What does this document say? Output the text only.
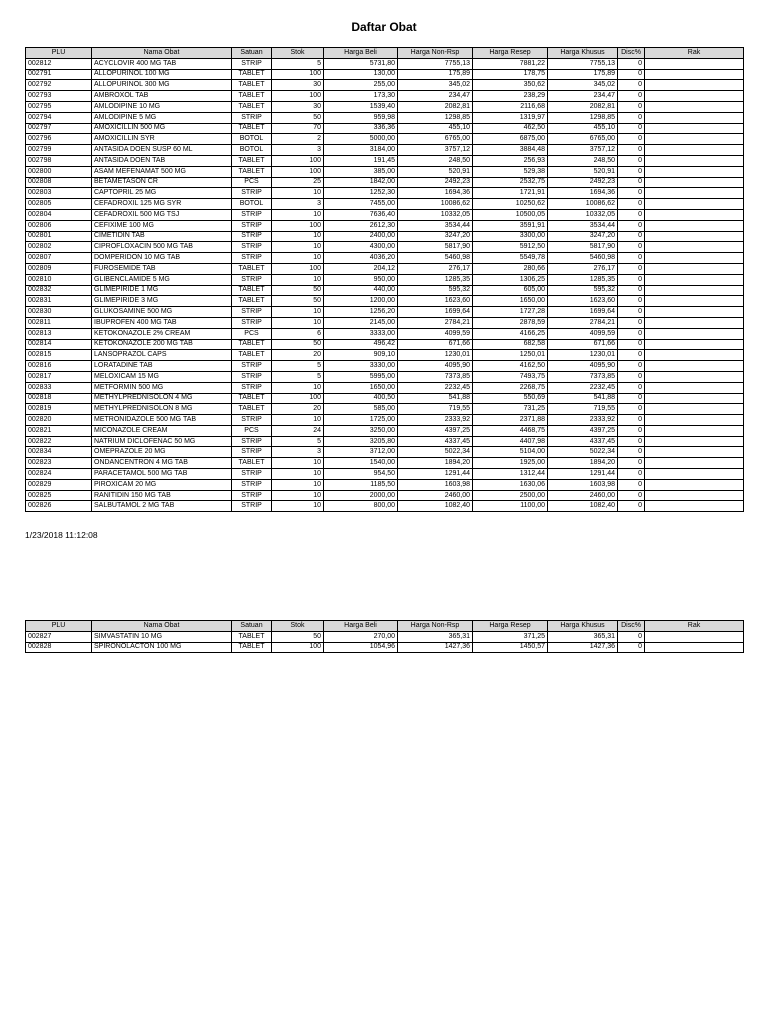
Daftar Obat
PLU	Nama Obat	Satuan	Stok	Harga Beli	Harga Non-Rsp	Harga Resep	Harga Khusus	Disc%	Rak
002812	ACYCLOVIR 400 MG TAB	STRIP	5	5731,80	7755,13	7881,22	7755,13	0	
002791	ALLOPURINOL 100 MG	TABLET	100	130,00	175,89	178,75	175,89	0	
002792	ALLOPURINOL 300 MG	TABLET	30	255,00	345,02	350,62	345,02	0	
002793	AMBROXOL TAB	TABLET	100	173,30	234,47	238,29	234,47	0	
002795	AMLODIPINE 10 MG	TABLET	30	1539,40	2082,81	2116,68	2082,81	0	
002794	AMLODIPINE 5 MG	STRIP	50	959,98	1298,85	1319,97	1298,85	0	
002797	AMOXICILLIN 500 MG	TABLET	70	336,36	455,10	462,50	455,10	0	
002796	AMOXICILLIN SYR	BOTOL	2	5000,00	6765,00	6875,00	6765,00	0	
002799	ANTASIDA DOEN SUSP 60 ML	BOTOL	3	3184,00	3757,12	3884,48	3757,12	0	
002798	ANTASIDA DOEN TAB	TABLET	100	191,45	248,50	256,93	248,50	0	
002800	ASAM MEFENAMAT 500 MG	TABLET	100	385,00	520,91	529,38	520,91	0	
002808	BETAMETASON CR	PCS	25	1842,00	2492,23	2532,75	2492,23	0	
002803	CAPTOPRIL 25 MG	STRIP	10	1252,30	1694,36	1721,91	1694,36	0	
002805	CEFADROXIL 125 MG SYR	BOTOL	3	7455,00	10086,62	10250,62	10086,62	0	
002804	CEFADROXIL 500 MG TSJ	STRIP	10	7636,40	10332,05	10500,05	10332,05	0	
002806	CEFIXIME 100 MG	STRIP	100	2612,30	3534,44	3591,91	3534,44	0	
002801	CIMETIDIN TAB	STRIP	10	2400,00	3247,20	3300,00	3247,20	0	
002802	CIPROFLOXACIN 500 MG TAB	STRIP	10	4300,00	5817,90	5912,50	5817,90	0	
002807	DOMPERIDON 10 MG TAB	STRIP	10	4036,20	5460,98	5549,78	5460,98	0	
002809	FUROSEMIDE TAB	TABLET	100	204,12	276,17	280,66	276,17	0	
002810	GLIBENCLAMIDE 5 MG	STRIP	10	950,00	1285,35	1306,25	1285,35	0	
002832	GLIMEPIRIDE 1 MG	TABLET	50	440,00	595,32	605,00	595,32	0	
002831	GLIMEPIRIDE 3 MG	TABLET	50	1200,00	1623,60	1650,00	1623,60	0	
002830	GLUKOSAMINE 500 MG	STRIP	10	1256,20	1699,64	1727,28	1699,64	0	
002811	IBUPROFEN 400 MG TAB	STRIP	10	2145,00	2784,21	2878,59	2784,21	0	
002813	KETOKONAZOLE 2% CREAM	PCS	6	3333,00	4099,59	4166,25	4099,59	0	
002814	KETOKONAZOLE 200 MG TAB	TABLET	50	496,42	671,66	682,58	671,66	0	
002815	LANSOPRAZOL CAPS	TABLET	20	909,10	1230,01	1250,01	1230,01	0	
002816	LORATADINE TAB	STRIP	5	3330,00	4095,90	4162,50	4095,90	0	
002817	MELOXICAM 15 MG	STRIP	5	5995,00	7373,85	7493,75	7373,85	0	
002833	METFORMIN 500 MG	STRIP	10	1650,00	2232,45	2268,75	2232,45	0	
002818	METHYLPREDNISOLON 4 MG	TABLET	100	400,50	541,88	550,69	541,88	0	
002819	METHYLPREDNISOLON 8 MG	TABLET	20	585,00	719,55	731,25	719,55	0	
002820	METRONIDAZOLE 500 MG TAB	STRIP	10	1725,00	2333,92	2371,88	2333,92	0	
002821	MICONAZOLE CREAM	PCS	24	3250,00	4397,25	4468,75	4397,25	0	
002822	NATRIUM DICLOFENAC 50 MG	STRIP	5	3205,80	4337,45	4407,98	4337,45	0	
002834	OMEPRAZOLE 20 MG	STRIP	3	3712,00	5022,34	5104,00	5022,34	0	
002823	ONDANCENTRON 4 MG TAB	TABLET	10	1540,00	1894,20	1925,00	1894,20	0	
002824	PARACETAMOL 500 MG TAB	STRIP	10	954,50	1291,44	1312,44	1291,44	0	
002829	PIROXICAM 20 MG	STRIP	10	1185,50	1603,98	1630,06	1603,98	0	
002825	RANITIDIN 150 MG TAB	STRIP	10	2000,00	2460,00	2500,00	2460,00	0	
002826	SALBUTAMOL 2 MG TAB	STRIP	10	800,00	1082,40	1100,00	1082,40	0	
1/23/2018 11:12:08
PLU	Nama Obat	Satuan	Stok	Harga Beli	Harga Non-Rsp	Harga Resep	Harga Khusus	Disc%	Rak
002827	SIMVASTATIN 10 MG	TABLET	50	270,00	365,31	371,25	365,31	0	
002828	SPIRONOLACTON 100 MG	TABLET	100	1054,96	1427,36	1450,57	1427,36	0	
